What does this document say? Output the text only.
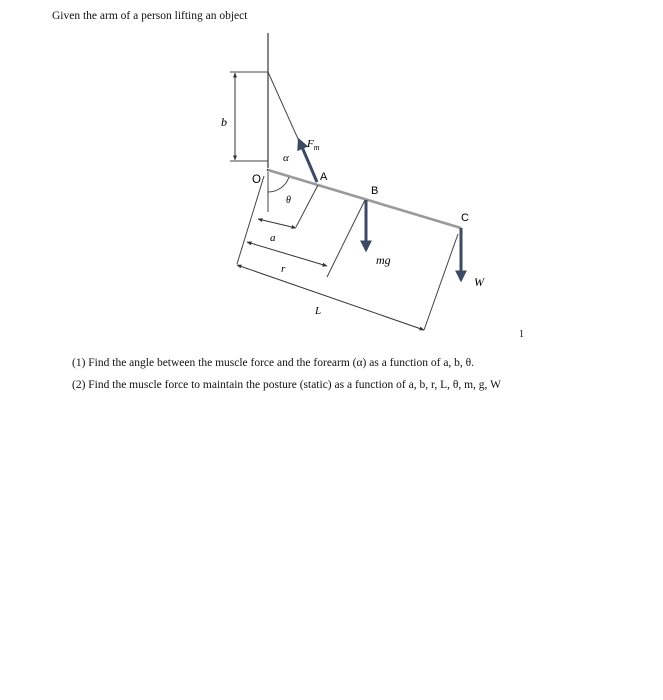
Given the arm of a person lifting an object
b
$F_m$
α
O	A
θ
a
r
L
B
mg
C
W
1
(1) Find the angle between the muscle force and the forearm (α) as a function of a, b, θ.
(2) Find the muscle force to maintain the posture (static) as a function of a, b, r, L, θ, m, g, W
